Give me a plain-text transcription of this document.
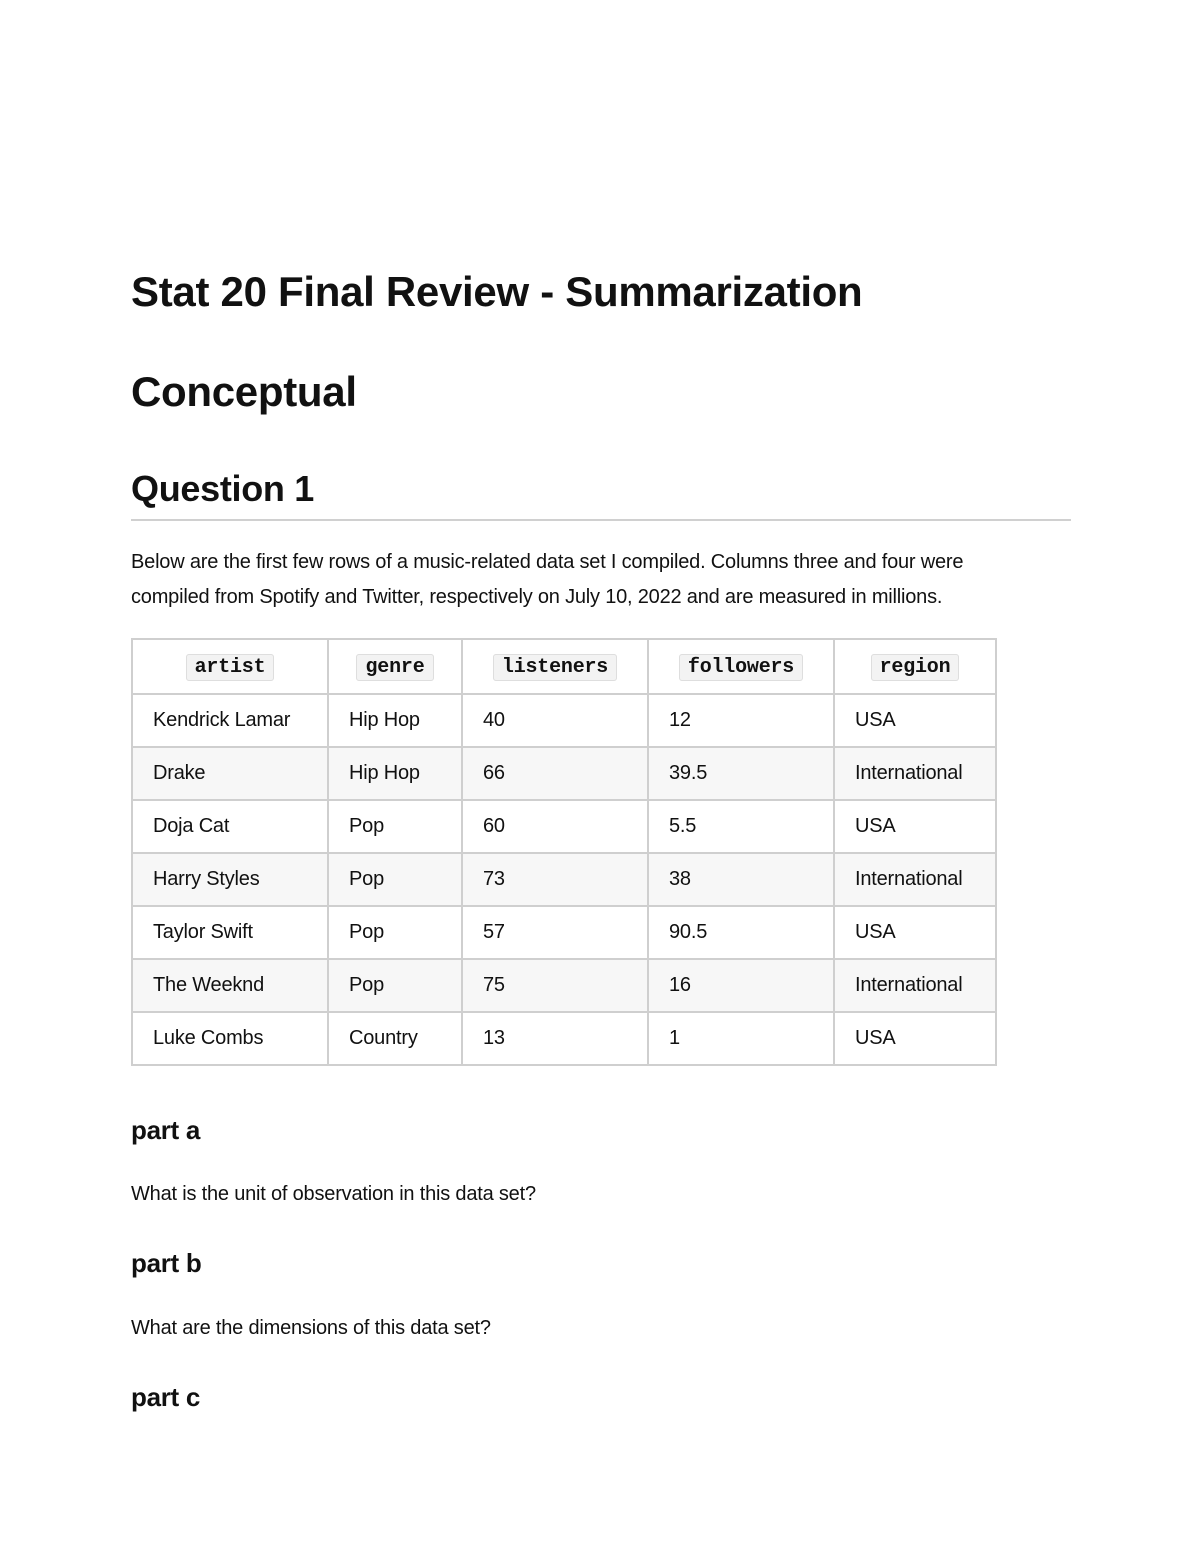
Stat 20 Final Review - Summarization
Conceptual
Question 1

Below are the first few rows of a music-related data set I compiled. Columns three and four were
compiled from Spotify and Twitter, respectively on July 10, 2022 and are measured in millions.

artist	genre	listeners	followers	region
Kendrick Lamar	Hip Hop	40	12	USA
Drake	Hip Hop	66	39.5	International
Doja Cat	Pop	60	5.5	USA
Harry Styles	Pop	73	38	International
Taylor Swift	Pop	57	90.5	USA
The Weeknd	Pop	75	16	International
Luke Combs	Country	13	1	USA
part a

What is the unit of observation in this data set?

part b

What are the dimensions of this data set?

part c
